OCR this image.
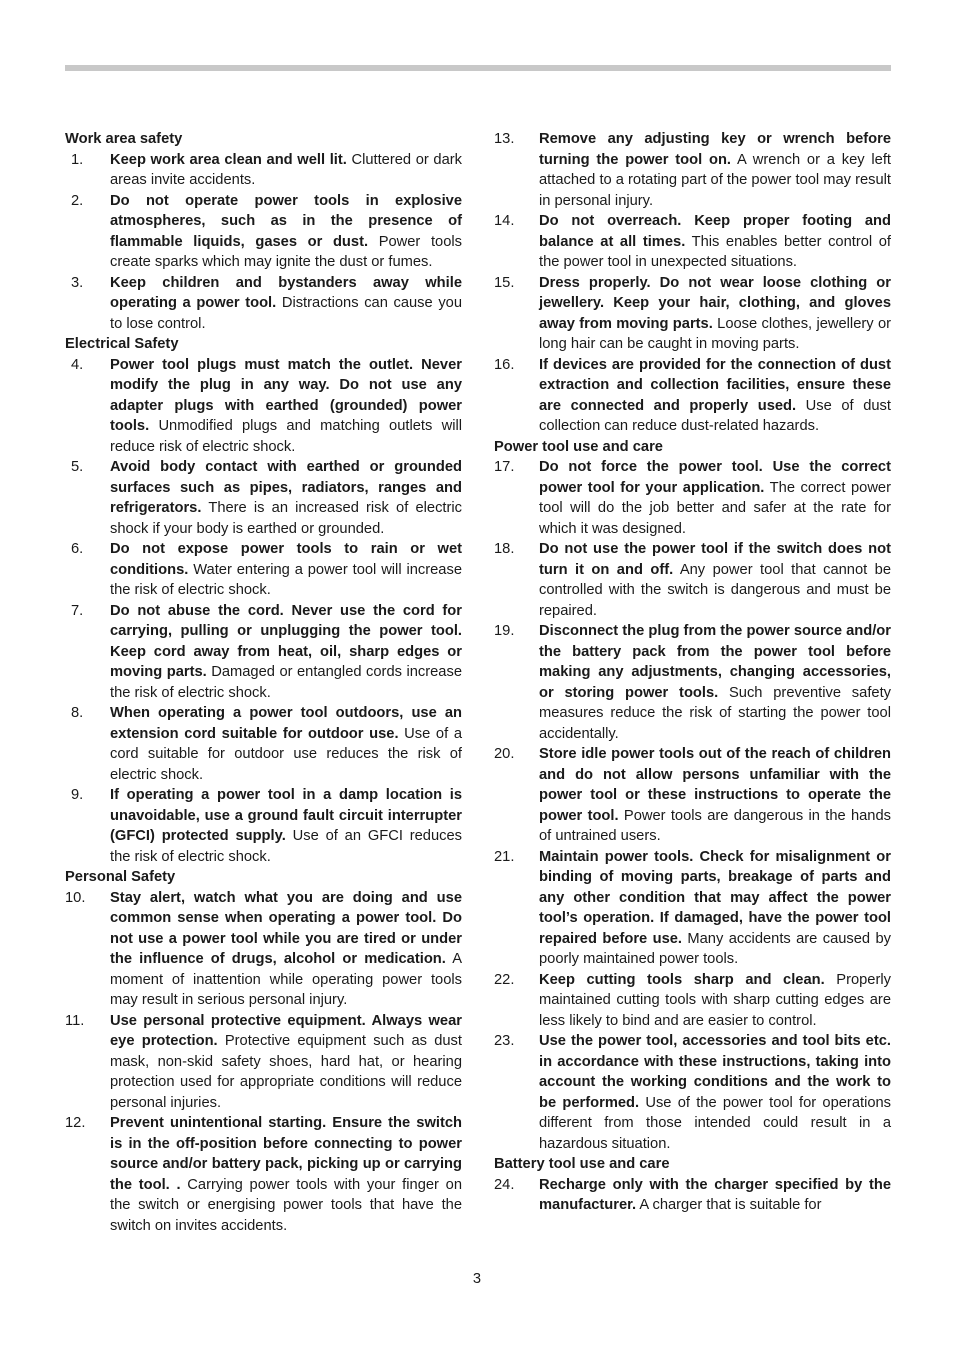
Work area safety
1.	Keep work area clean and well lit. Cluttered or dark areas invite accidents.
2.	Do not operate power tools in explosive atmospheres, such as in the presence of flammable liquids, gases or dust. Power tools create sparks which may ignite the dust or fumes.
3.	Keep children and bystanders away while operating a power tool. Distractions can cause you to lose control.
Electrical Safety
4.	Power tool plugs must match the outlet. Never modify the plug in any way. Do not use any adapter plugs with earthed (grounded) power tools. Unmodified plugs and matching outlets will reduce risk of electric shock.
5.	Avoid body contact with earthed or grounded surfaces such as pipes, radiators, ranges and refrigerators. There is an increased risk of electric shock if your body is earthed or grounded.
6.	Do not expose power tools to rain or wet conditions. Water entering a power tool will increase the risk of electric shock.
7.	Do not abuse the cord. Never use the cord for carrying, pulling or unplugging the power tool. Keep cord away from heat, oil, sharp edges or moving parts. Damaged or entangled cords increase the risk of electric shock.
8.	When operating a power tool outdoors, use an extension cord suitable for outdoor use. Use of a cord suitable for outdoor use reduces the risk of electric shock.
9.	If operating a power tool in a damp location is unavoidable, use a ground fault circuit interrupter (GFCI) protected supply. Use of an GFCI reduces the risk of electric shock.
Personal Safety
10.	Stay alert, watch what you are doing and use common sense when operating a power tool. Do not use a power tool while you are tired or under the influence of drugs, alcohol or medication. A moment of inattention while operating power tools may result in serious personal injury.
11.	Use personal protective equipment. Always wear eye protection. Protective equipment such as dust mask, non-skid safety shoes, hard hat, or hearing protection used for appropriate conditions will reduce personal injuries.
12.	Prevent unintentional starting. Ensure the switch is in the off-position before connecting to power source and/or battery pack, picking up or carrying the tool. . Carrying power tools with your finger on the switch or energising power tools that have the switch on invites accidents.
13.	Remove any adjusting key or wrench before turning the power tool on. A wrench or a key left attached to a rotating part of the power tool may result in personal injury.
14.	Do not overreach. Keep proper footing and balance at all times. This enables better control of the power tool in unexpected situations.
15.	Dress properly. Do not wear loose clothing or jewellery. Keep your hair, clothing, and gloves away from moving parts. Loose clothes, jewellery or long hair can be caught in moving parts.
16.	If devices are provided for the connection of dust extraction and collection facilities, ensure these are connected and properly used. Use of dust collection can reduce dust-related hazards.
Power tool use and care
17.	Do not force the power tool. Use the correct power tool for your application. The correct power tool will do the job better and safer at the rate for which it was designed.
18.	Do not use the power tool if the switch does not turn it on and off. Any power tool that cannot be controlled with the switch is dangerous and must be repaired.
19.	Disconnect the plug from the power source and/or the battery pack from the power tool before making any adjustments, changing accessories, or storing power tools. Such preventive safety measures reduce the risk of starting the power tool accidentally.
20.	Store idle power tools out of the reach of children and do not allow persons unfamiliar with the power tool or these instructions to operate the power tool. Power tools are dangerous in the hands of untrained users.
21.	Maintain power tools. Check for misalignment or binding of moving parts, breakage of parts and any other condition that may affect the power tool’s operation. If damaged, have the power tool repaired before use. Many accidents are caused by poorly maintained power tools.
22.	Keep cutting tools sharp and clean. Properly maintained cutting tools with sharp cutting edges are less likely to bind and are easier to control.
23.	Use the power tool, accessories and tool bits etc. in accordance with these instructions, taking into account the working conditions and the work to be performed. Use of the power tool for operations different from those intended could result in a hazardous situation.
Battery tool use and care
24.	Recharge only with the charger specified by the manufacturer. A charger that is suitable for
3
